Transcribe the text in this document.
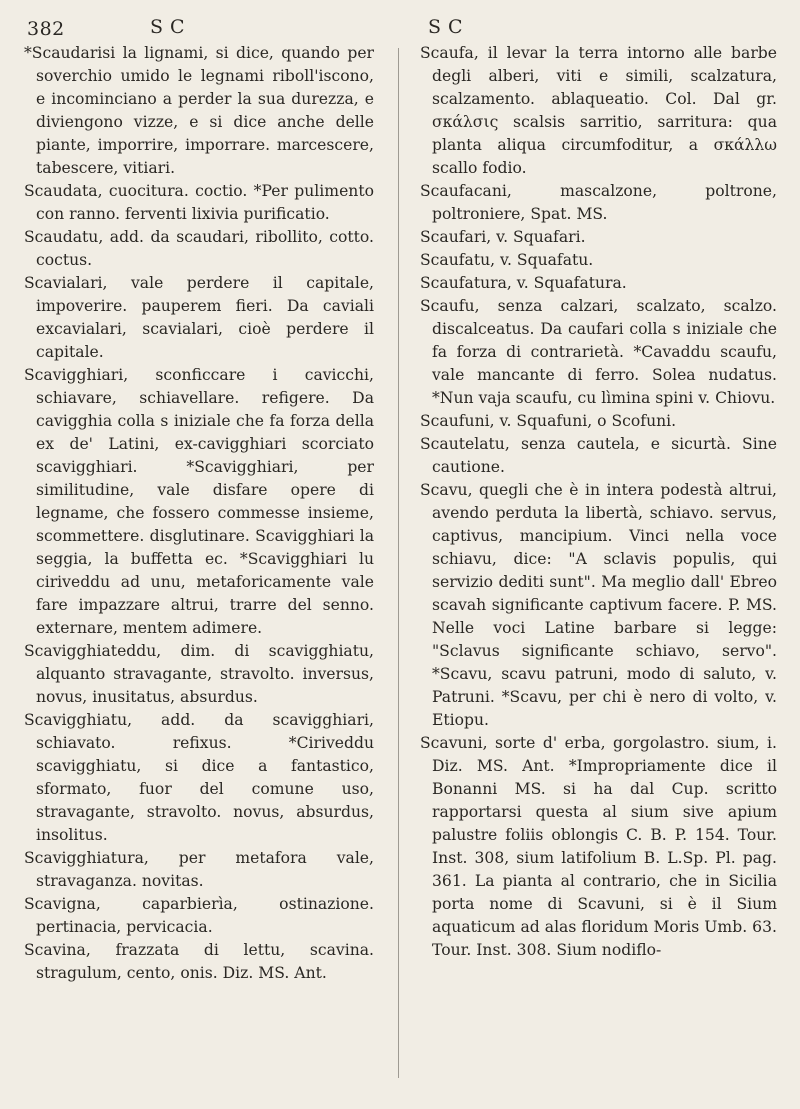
382	S C	S C

*Scaudarisi la lignami, si dice, quando per soverchio umido le legnami riboll'iscono, e incominciano a perder la sua durezza, e diviengono vizze, e si dice anche delle piante, imporrire, imporrare. marcescere, tabescere, vitiari.

Scaudata, cuocitura. coctio. *Per pulimento con ranno. ferventi lixivia purificatio.

Scaudatu, add. da scaudari, ribollito, cotto. coctus.

Scavialari, vale perdere il capitale, impoverire. pauperem fieri. Da caviali excavialari, scavialari, cioè perdere il capitale.

Scavigghiari, sconficcare i cavicchi, schiavare, schiavellare. refigere. Da cavigghia colla s iniziale che fa forza della ex de' Latini, ex-cavigghiari scorciato scavigghiari. *Scavigghiari, per similitudine, vale disfare opere di legname, che fossero commesse insieme, scommettere. disglutinare. Scavigghiari la seggia, la buffetta ec. *Scavigghiari lu ciriveddu ad unu, metaforicamente vale fare impazzare altrui, trarre del senno. externare, mentem adimere.

Scavigghiateddu, dim. di scavigghiatu, alquanto stravagante, stravolto. inversus, novus, inusitatus, absurdus.

Scavigghiatu, add. da scavigghiari, schiavato. refixus. *Ciriveddu scavigghiatu, si dice a fantastico, sformato, fuor del comune uso, stravagante, stravolto. novus, absurdus, insolitus.

Scavigghiatura, per metafora vale, stravaganza. novitas.

Scavigna, caparbierìa, ostinazione. pertinacia, pervicacia.

Scavina, frazzata di lettu, scavina. stragulum, cento, onis. Diz. MS. Ant.

Scaufa, il levar la terra intorno alle barbe degli alberi, viti e simili, scalzatura, scalzamento. ablaqueatio. Col. Dal gr. σκάλσις scalsis sarritio, sarritura: qua planta aliqua circumfoditur, a σκάλλω scallo fodio.

Scaufacani, mascalzone, poltrone, poltroniere, Spat. MS.

Scaufari, v. Squafari.

Scaufatu, v. Squafatu.

Scaufatura, v. Squafatura.

Scaufu, senza calzari, scalzato, scalzo. discalceatus. Da caufari colla s iniziale che fa forza di contrarietà. *Cavaddu scaufu, vale mancante di ferro. Solea nudatus. *Nun vaja scaufu, cu lìmina spini v. Chiovu.

Scaufuni, v. Squafuni, o Scofuni.

Scautelatu, senza cautela, e sicurtà. Sine cautione.

Scavu, quegli che è in intera podestà altrui, avendo perduta la libertà, schiavo. servus, captivus, mancipium. Vinci nella voce schiavu, dice: "A sclavis populis, qui servizio dediti sunt". Ma meglio dall' Ebreo scavah significante captivum facere. P. MS. Nelle voci Latine barbare si legge: "Sclavus significante schiavo, servo". *Scavu, scavu patruni, modo di saluto, v. Patruni. *Scavu, per chi è nero di volto, v. Etiopu.

Scavuni, sorte d' erba, gorgolastro. sium, i. Diz. MS. Ant. *Impropriamente dice il Bonanni MS. si ha dal Cup. scritto rapportarsi questa al sium sive apium palustre foliis oblongis C. B. P. 154. Tour. Inst. 308, sium latifolium B. L.Sp. Pl. pag. 361. La pianta al contrario, che in Sicilia porta nome di Scavuni, si è il Sium aquaticum ad alas floridum Moris Umb. 63. Tour. Inst. 308. Sium nodiflo-
